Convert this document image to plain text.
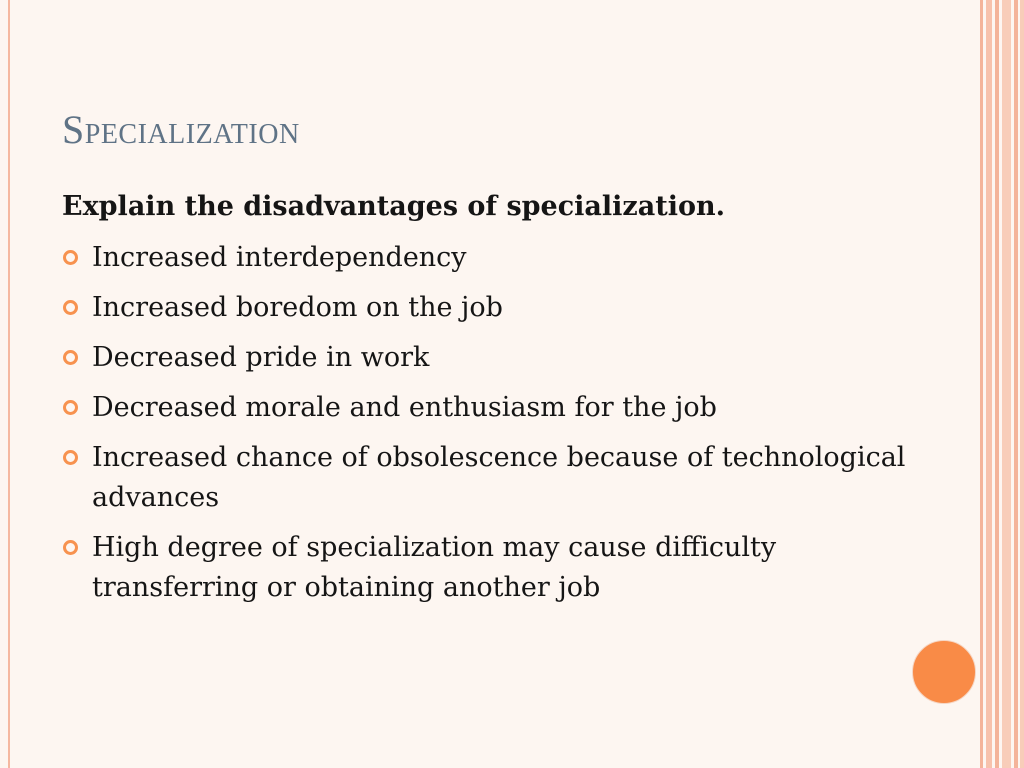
Specialization

Explain the disadvantages of specialization.

Increased interdependency
Increased boredom on the job
Decreased pride in work
Decreased morale and enthusiasm for the job
Increased chance of obsolescence because of technological advances
High degree of specialization may cause difficulty transferring or obtaining another job
